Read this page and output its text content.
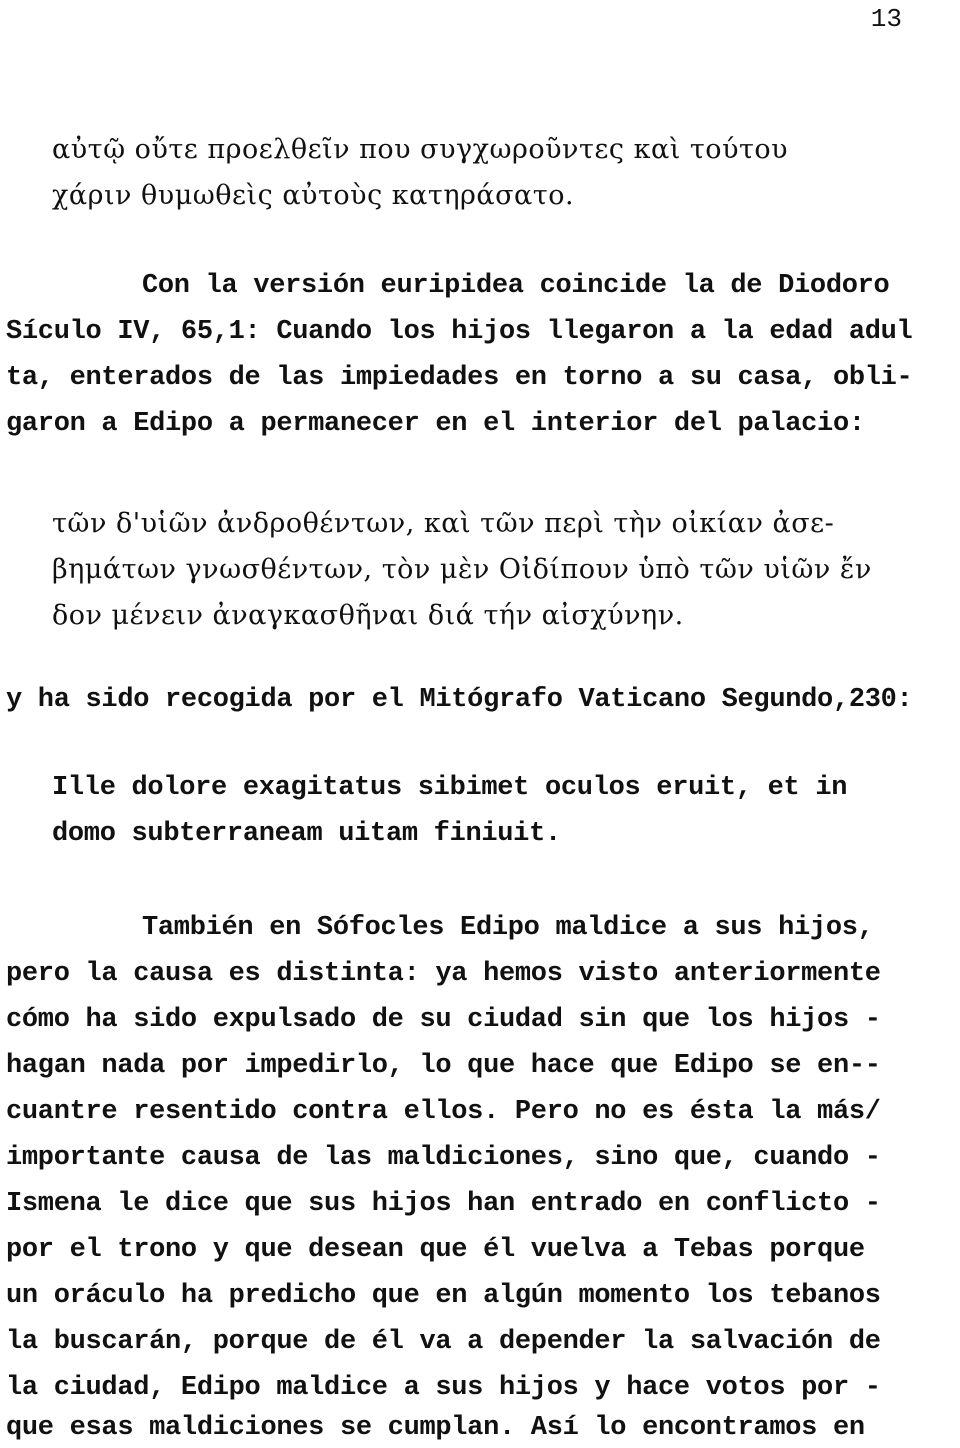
13
αὐτῷ οὔτε προελθεῖν που συγχωροῦντες καὶ τούτου
χάριν θυμωθεὶς αὐτοὺς κατηράσατο.
Con la versión euripidea coincide la de Diodoro
Sículo IV, 65,1: Cuando los hijos llegaron a la edad adul
ta, enterados de las impiedades en torno a su casa, obli-
garon a Edipo a permanecer en el interior del palacio:
τῶν δ'υἱῶν ἀνδροθέντων, καὶ τῶν περὶ τὴν οἰκίαν ἀσε-
βημάτων γνωσθέντων, τὸν μὲν Οἰδίπουν ὑπὸ τῶν υἱῶν ἔν
δον μένειν ἀναγκασθῆναι διά τήν αἰσχύνην.
y ha sido recogida por el Mitógrafo Vaticano Segundo,230:
Ille dolore exagitatus sibimet oculos eruit, et in
domo subterraneam uitam finiuit.
También en Sófocles Edipo maldice a sus hijos,
pero la causa es distinta: ya hemos visto anteriormente
cómo ha sido expulsado de su ciudad sin que los hijos -
hagan nada por impedirlo, lo que hace que Edipo se en--
cuantre resentido contra ellos. Pero no es ésta la más/
importante causa de las maldiciones, sino que, cuando -
Ismena le dice que sus hijos han entrado en conflicto -
por el trono y que desean que él vuelva a Tebas porque
un oráculo ha predicho que en algún momento los tebanos
la buscarán, porque de él va a depender la salvación de
la ciudad, Edipo maldice a sus hijos y hace votos por -
que esas maldiciones se cumplan. Así lo encontramos en
